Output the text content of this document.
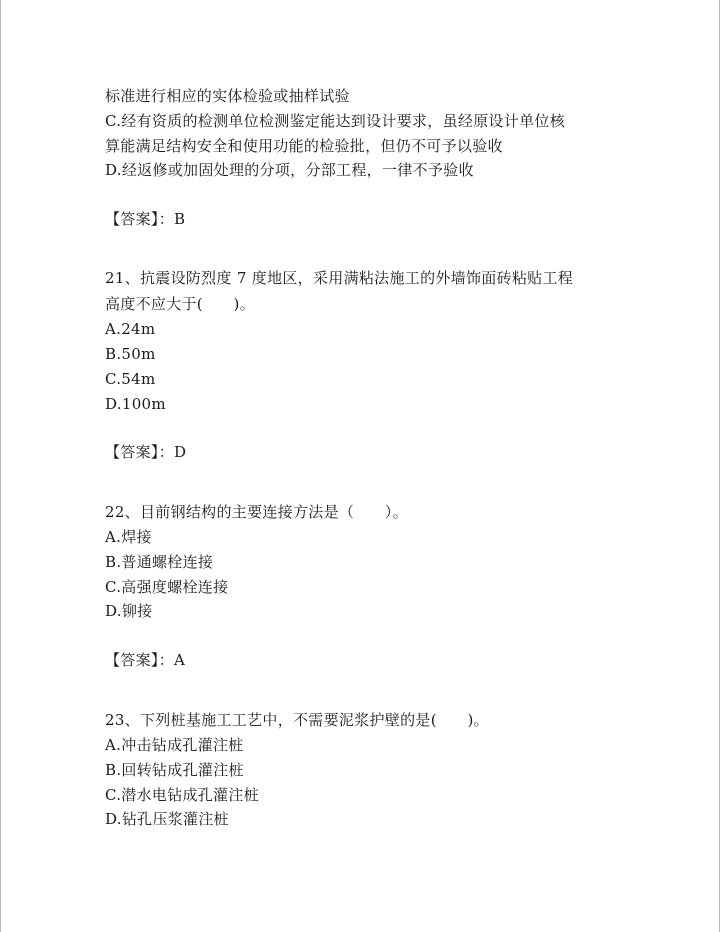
标准进行相应的实体检验或抽样试验
C.经有资质的检测单位检测鉴定能达到设计要求，虽经原设计单位核
算能满足结构安全和使用功能的检验批，但仍不可予以验收
D.经返修或加固处理的分项，分部工程，一律不予验收
【答案】：B
21、抗震设防烈度 7 度地区，采用满粘法施工的外墙饰面砖粘贴工程
高度不应大于(　　)。
A.24m
B.50m
C.54m
D.100m
【答案】：D
22、目前钢结构的主要连接方法是（　　）。
A.焊接
B.普通螺栓连接
C.高强度螺栓连接
D.铆接
【答案】：A
23、下列桩基施工工艺中，不需要泥浆护壁的是(　　)。
A.冲击钻成孔灌注桩
B.回转钻成孔灌注桩
C.潜水电钻成孔灌注桩
D.钻孔压浆灌注桩
